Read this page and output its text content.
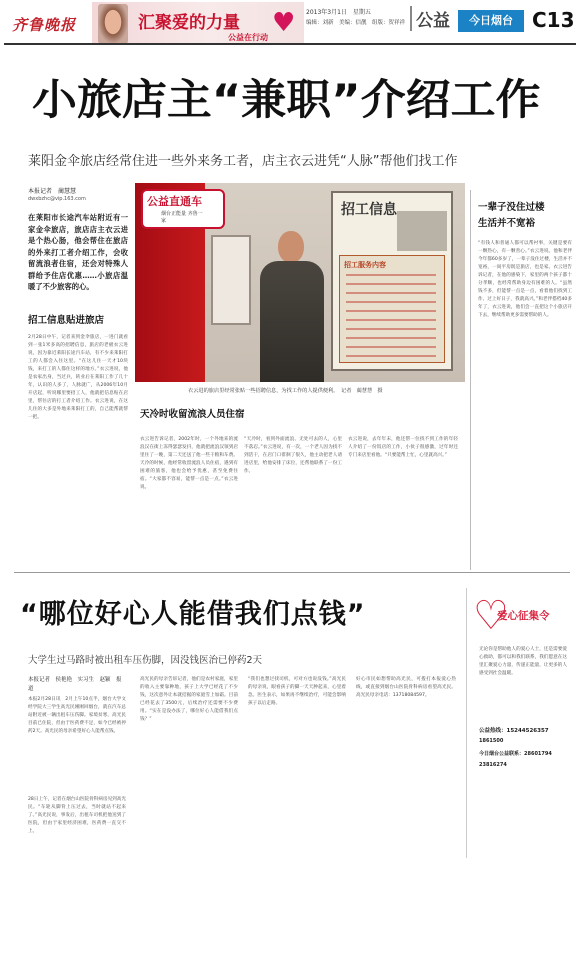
齐鲁晚报	汇聚爱的力量 ♥
公益在行动
2013年3月1日　星期五
编辑：刘新　美编：信靓　组版：贺祥祥 公益	今日烟台 C13
小旅店主“兼职”介绍工作
莱阳金伞旅店经常住进一些外来务工者，店主衣云进凭“人脉”帮他们找工作
本报记者　蔺慧慧
dwxbzhc@vip.163.com
在莱阳市长途汽车站附近有一家金伞旅店，旅店店主衣云进是个热心肠，他会帮住在旅店的外来打工者介绍工作，会收留流浪者住宿，还会对特殊人群给予住店优惠……小旅店温暖了不少旅客的心。
招工信息贴进旅店
2月28日中午，记者来到金伞旅店，一进门就看到一张1米多高的招聘信息，旅店的老板衣云进说，因为靠近莱阳长途汽车站，有不少来莱阳打工的人都会入住这里。“在这儿住一天才10块钱，来打工的人都住这样的地方。”衣云进说，他是农家出身，当过兵，转业后在莱阳工作了几十年，认识的人多了，人脉就广，从2006年10月开店起，听说哪里要招工人，他就把信息贴在店里，帮住店的打工者介绍工作。衣云进说，在这儿住的大多是外地来莱阳打工的，自己能帮就帮一把。
公益直通车
烟台正能量 齐鲁一家
招工信息
招工服务内容
衣云进的旅店里经常张贴一些招聘信息，为找工作的人提供便利。　记者　蔺慧慧　摄
天冷时收留流浪人员住宿
衣云进告诉记者，2002年时，一个外地来的流浪汉在街上冻得瑟瑟发抖，他就把流浪汉领到店里住了一晚，第二天还送了他一些干粮和车费。天冷的时候，他经常收留流浪人员住宿，遇到有困难的旅客，他也会给予优惠，甚至免费住宿。“大家都不容易，能帮一点是一点。”衣云进说。
“天冷时，看到外面流浪、无处可去的人，心里不落忍。”衣云进说，有一次，一个老人因为找不到活干，在店门口徘徊了很久，他主动把老人请进店里，给他安排了床位，还帮他联系了一份工作。
衣云进说，去年年末，他还帮一位找不到工作的年轻人介绍了一份饭店的工作，小伙子很感激，过年时还专门来店里看他。“只要能帮上忙，心里就高兴。”
一辈子没住过楼
生活并不宽裕
“有钱人和普通人都可以帮衬事，关键是要有一颗热心，有一颗善心。”衣云进说。他和老伴今年都60多岁了，一辈子没住过楼，生活并不宽裕，一间平房既是旅店，也是家。衣云进告诉记者，在他的感染下，家里的两个孩子都十分孝顺，也经常帮助身边有困难的人。“虽然钱不多，但能帮一点是一点，看着他们找到工作、过上好日子，我就高兴。”和老伴搭档40多年了，衣云进说，他们会一直把这个小旅店开下去，继续帮助更多需要帮助的人。
“哪位好心人能借我们点钱”
大学生过马路时被出租车压伤脚，因没钱医治已停药2天
本报记者　侯艳艳　实习生　赵颖　报道
本报2月28日讯　2月上午10点半，烟台大学文经学院大三学生高光民刚刚回烟台，就在汽车总站附近被一辆出租车压伤脚。家境贫寒，高光民目前已住院，但由于医药费不足，如今已经被停药2天。高光民的母亲希望好心人能帮点钱。
28日上午，记者在烟台山医院骨科病房见到高光民。“车轮从脚背上压过去，当时就站不起来了。”高光民说，事发后，出租车司机把他送到了医院，但由于家里经济困难，医药费一直交不上。
高光民的母亲告诉记者，他们是农村家庭，家里的收入主要靠种地，孩子上大学已经花了不少钱，这次意外让本就拮据的家庭雪上加霜。目前已经花去了3500元，后续治疗还需要不少费用。“实在是没办法了，哪位好心人能借我们点钱？”
“我们也想过找司机，可对方也说没钱。”高光民的母亲说，眼看孩子的脚一天天肿起来，心里着急。医生表示，如果再不继续治疗，可能会影响孩子以后走路。
好心市民如想帮助高光民，可拨打本报爱心热线，或直接到烟台山医院骨科病房看望高光民。高光民母亲电话：13718084597。
♡
爱心征集令
无论你是帮助他人的爱心人士，还是需要爱心救助，都可以和我们联系，我们愿意在这里汇聚爱心力量，传递正能量，让更多的人感受到社会温暖。
公益热线：15244526357
1861500
今日烟台公益联系：28601794
23816274
